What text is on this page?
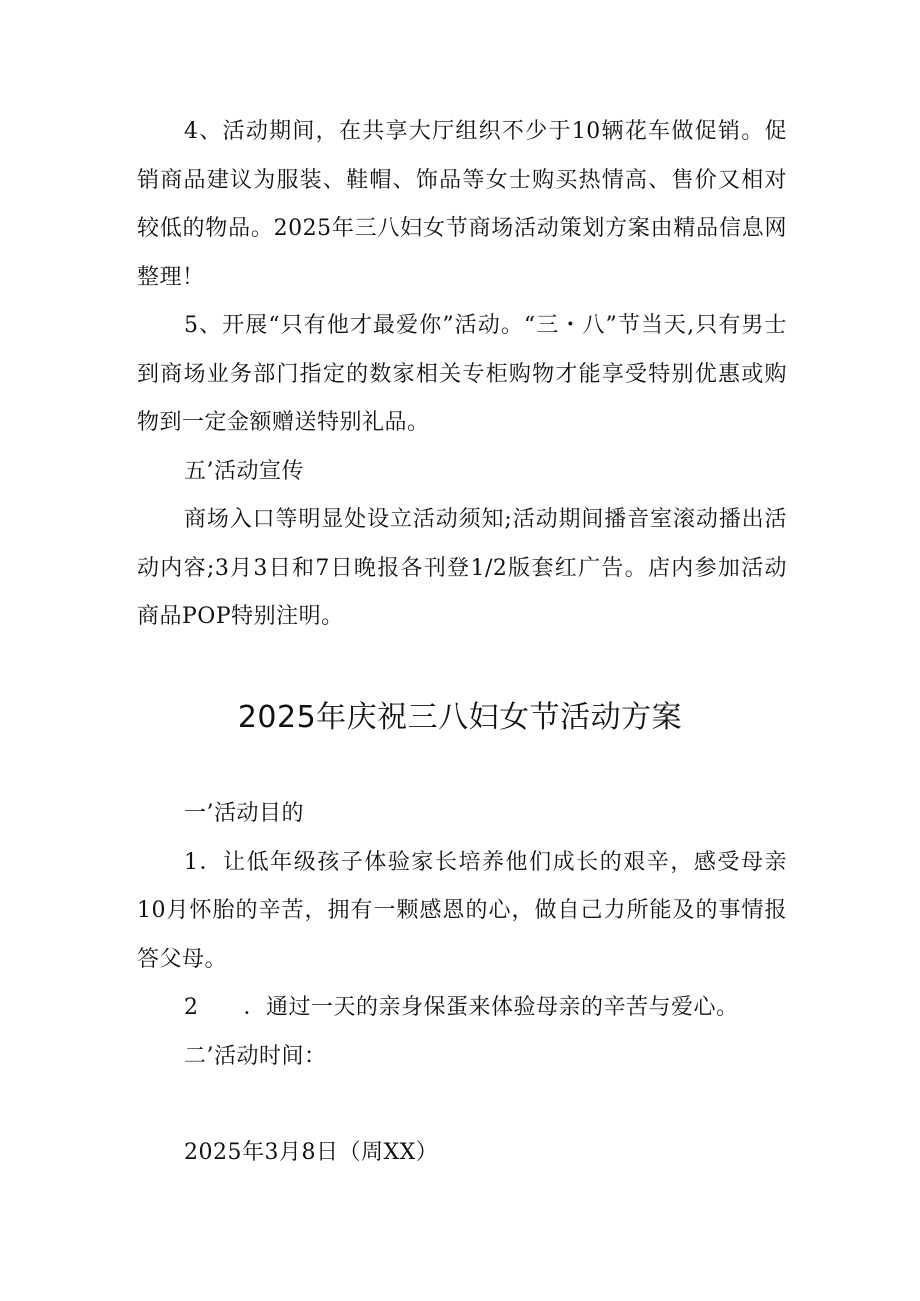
4、活动期间，在共享大厅组织不少于10辆花车做促销。促销商品建议为服装、鞋帽、饰品等女士购买热情高、售价又相对较低的物品。2025年三八妇女节商场活动策划方案由精品信息网整理！

5、开展“只有他才最爱你”活动。“三・八”节当天,只有男士到商场业务部门指定的数家相关专柜购物才能享受特别优惠或购物到一定金额赠送特别礼品。

五’活动宣传

商场入口等明显处设立活动须知;活动期间播音室滚动播出活动内容;3月3日和7日晚报各刊登1/2版套红广告。店内参加活动商品POP特别注明。

2025年庆祝三八妇女节活动方案

一’活动目的

1．让低年级孩子体验家长培养他们成长的艰辛，感受母亲10月怀胎的辛苦，拥有一颗感恩的心，做自己力所能及的事情报答父母。

2 ．通过一天的亲身保蛋来体验母亲的辛苦与爱心。

二’活动时间：

2025年3月8日（周XX）
